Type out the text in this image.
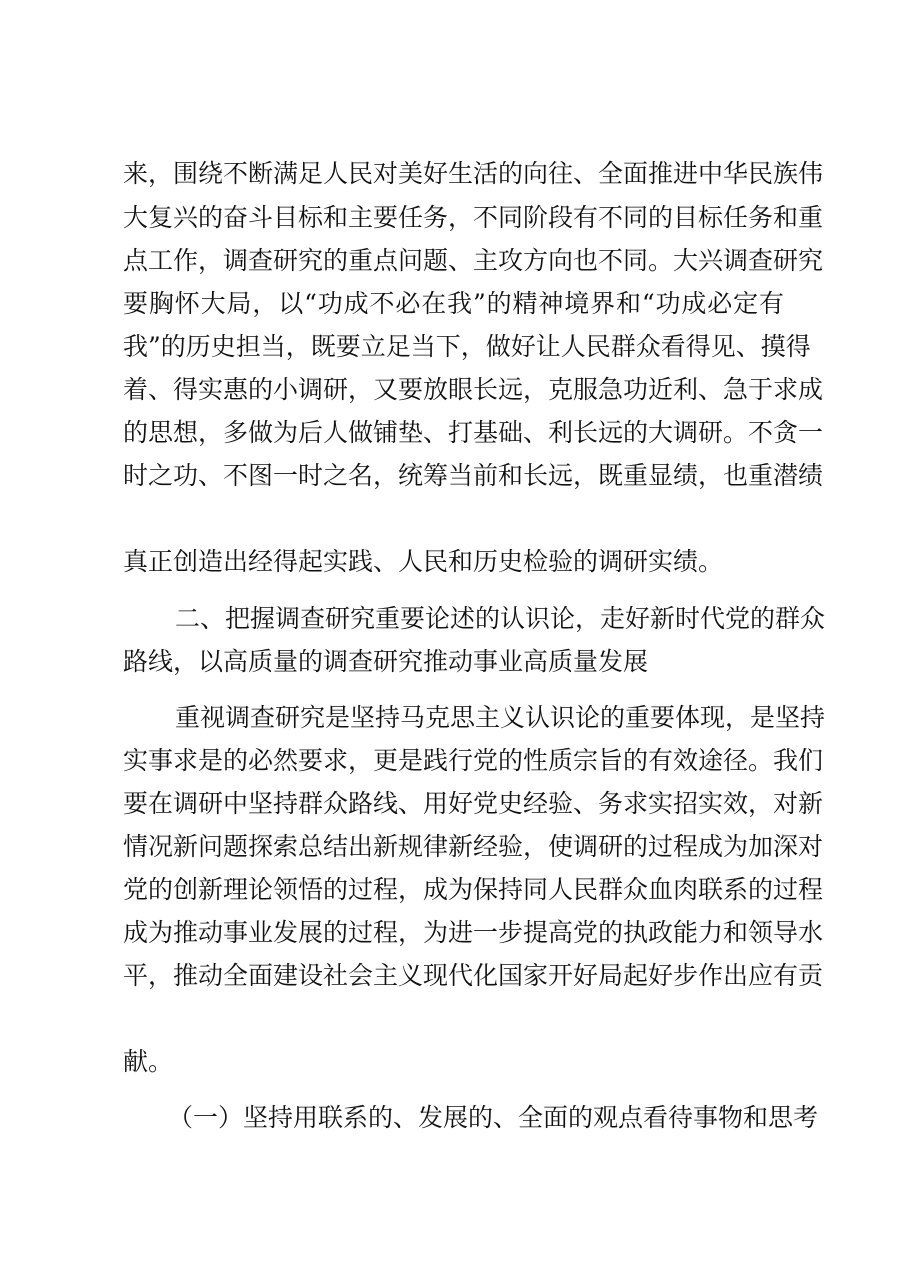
来，围绕不断满足人民对美好生活的向往、全面推进中华民族伟
大复兴的奋斗目标和主要任务，不同阶段有不同的目标任务和重
点工作，调查研究的重点问题、主攻方向也不同。大兴调查研究
要胸怀大局，以“功成不必在我”的精神境界和“功成必定有
我”的历史担当，既要立足当下，做好让人民群众看得见、摸得
着、得实惠的小调研，又要放眼长远，克服急功近利、急于求成
的思想，多做为后人做铺垫、打基础、利长远的大调研。不贪一
时之功、不图一时之名，统筹当前和长远，既重显绩，也重潜绩
真正创造出经得起实践、人民和历史检验的调研实绩。
二、把握调查研究重要论述的认识论，走好新时代党的群众
路线，以高质量的调查研究推动事业高质量发展
重视调查研究是坚持马克思主义认识论的重要体现，是坚持
实事求是的必然要求，更是践行党的性质宗旨的有效途径。我们
要在调研中坚持群众路线、用好党史经验、务求实招实效，对新
情况新问题探索总结出新规律新经验，使调研的过程成为加深对
党的创新理论领悟的过程，成为保持同人民群众血肉联系的过程
成为推动事业发展的过程，为进一步提高党的执政能力和领导水
平，推动全面建设社会主义现代化国家开好局起好步作出应有贡
献。
（一）坚持用联系的、发展的、全面的观点看待事物和思考
